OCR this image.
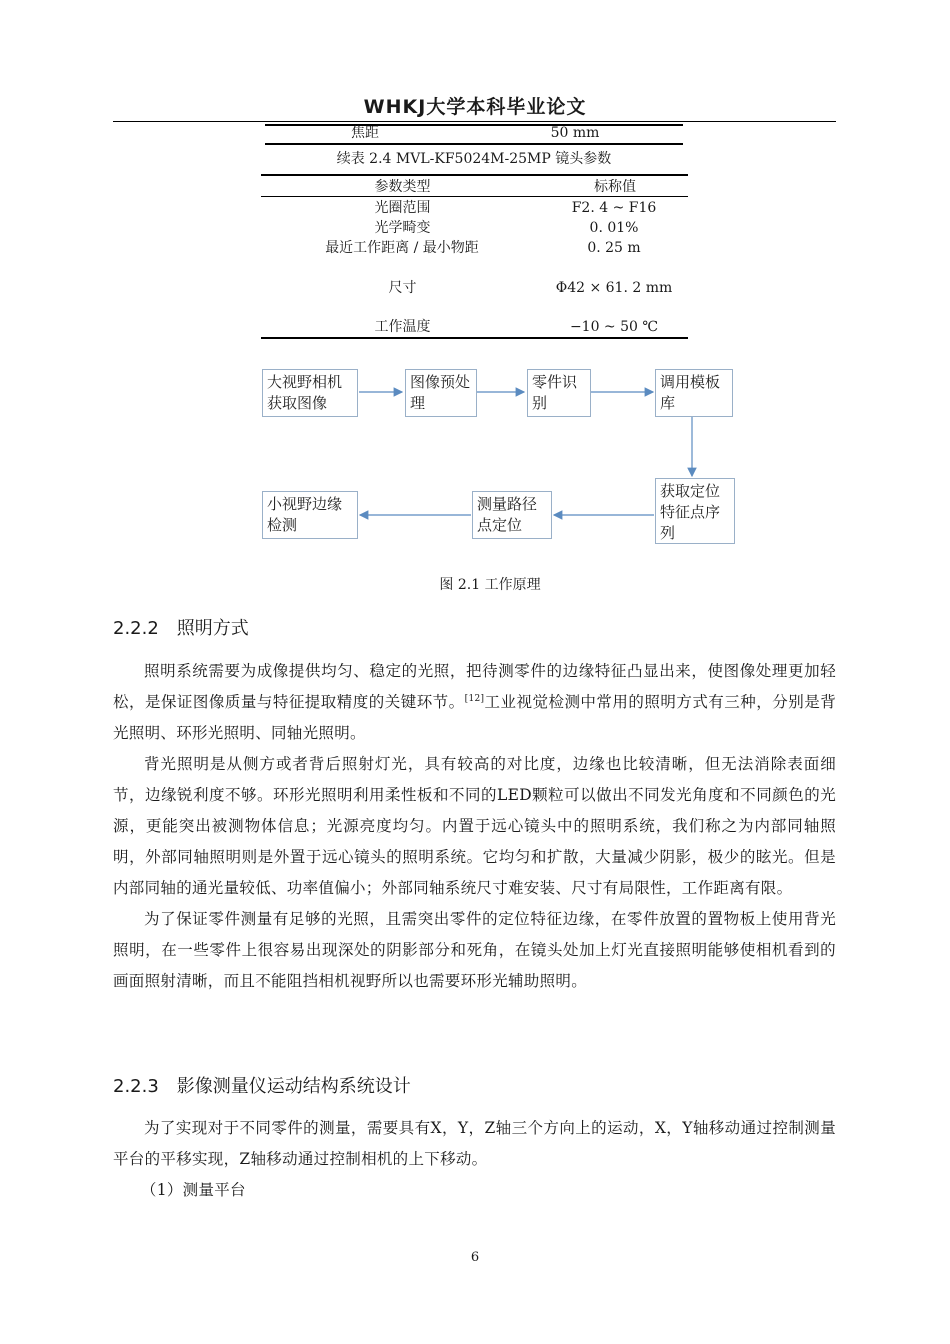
WHKJ大学本科毕业论文
焦距	50 mm
续表 2.4 MVL-KF5024M-25MP 镜头参数
参数类型	标称值
光圈范围	F2. 4 ~ F16
光学畸变	0. 01%
最近工作距离 / 最小物距	0. 25 m
尺寸	Φ42 × 61. 2 mm
工作温度	−10 ~ 50 ℃
大视野相机获取图像
图像预处理
零件识别
调用模板库
获取定位特征点序列
测量路径点定位
小视野边缘检测
图 2.1 工作原理
2.2.2　照明方式

照明系统需要为成像提供均匀、稳定的光照，把待测零件的边缘特征凸显出来，使图像处理更加轻松，是保证图像质量与特征提取精度的关键环节。[12]工业视觉检测中常用的照明方式有三种，分别是背光照明、环形光照明、同轴光照明。

背光照明是从侧方或者背后照射灯光，具有较高的对比度，边缘也比较清晰，但无法消除表面细节，边缘锐利度不够。环形光照明利用柔性板和不同的LED颗粒可以做出不同发光角度和不同颜色的光源，更能突出被测物体信息；光源亮度均匀。内置于远心镜头中的照明系统，我们称之为内部同轴照明，外部同轴照明则是外置于远心镜头的照明系统。它均匀和扩散，大量减少阴影，极少的眩光。但是内部同轴的通光量较低、功率值偏小；外部同轴系统尺寸难安装、尺寸有局限性，工作距离有限。

为了保证零件测量有足够的光照，且需突出零件的定位特征边缘，在零件放置的置物板上使用背光照明，在一些零件上很容易出现深处的阴影部分和死角，在镜头处加上灯光直接照明能够使相机看到的画面照射清晰，而且不能阻挡相机视野所以也需要环形光辅助照明。

2.2.3　影像测量仪运动结构系统设计

为了实现对于不同零件的测量，需要具有X，Y，Z轴三个方向上的运动，X，Y轴移动通过控制测量平台的平移实现，Z轴移动通过控制相机的上下移动。

（1）测量平台

6
